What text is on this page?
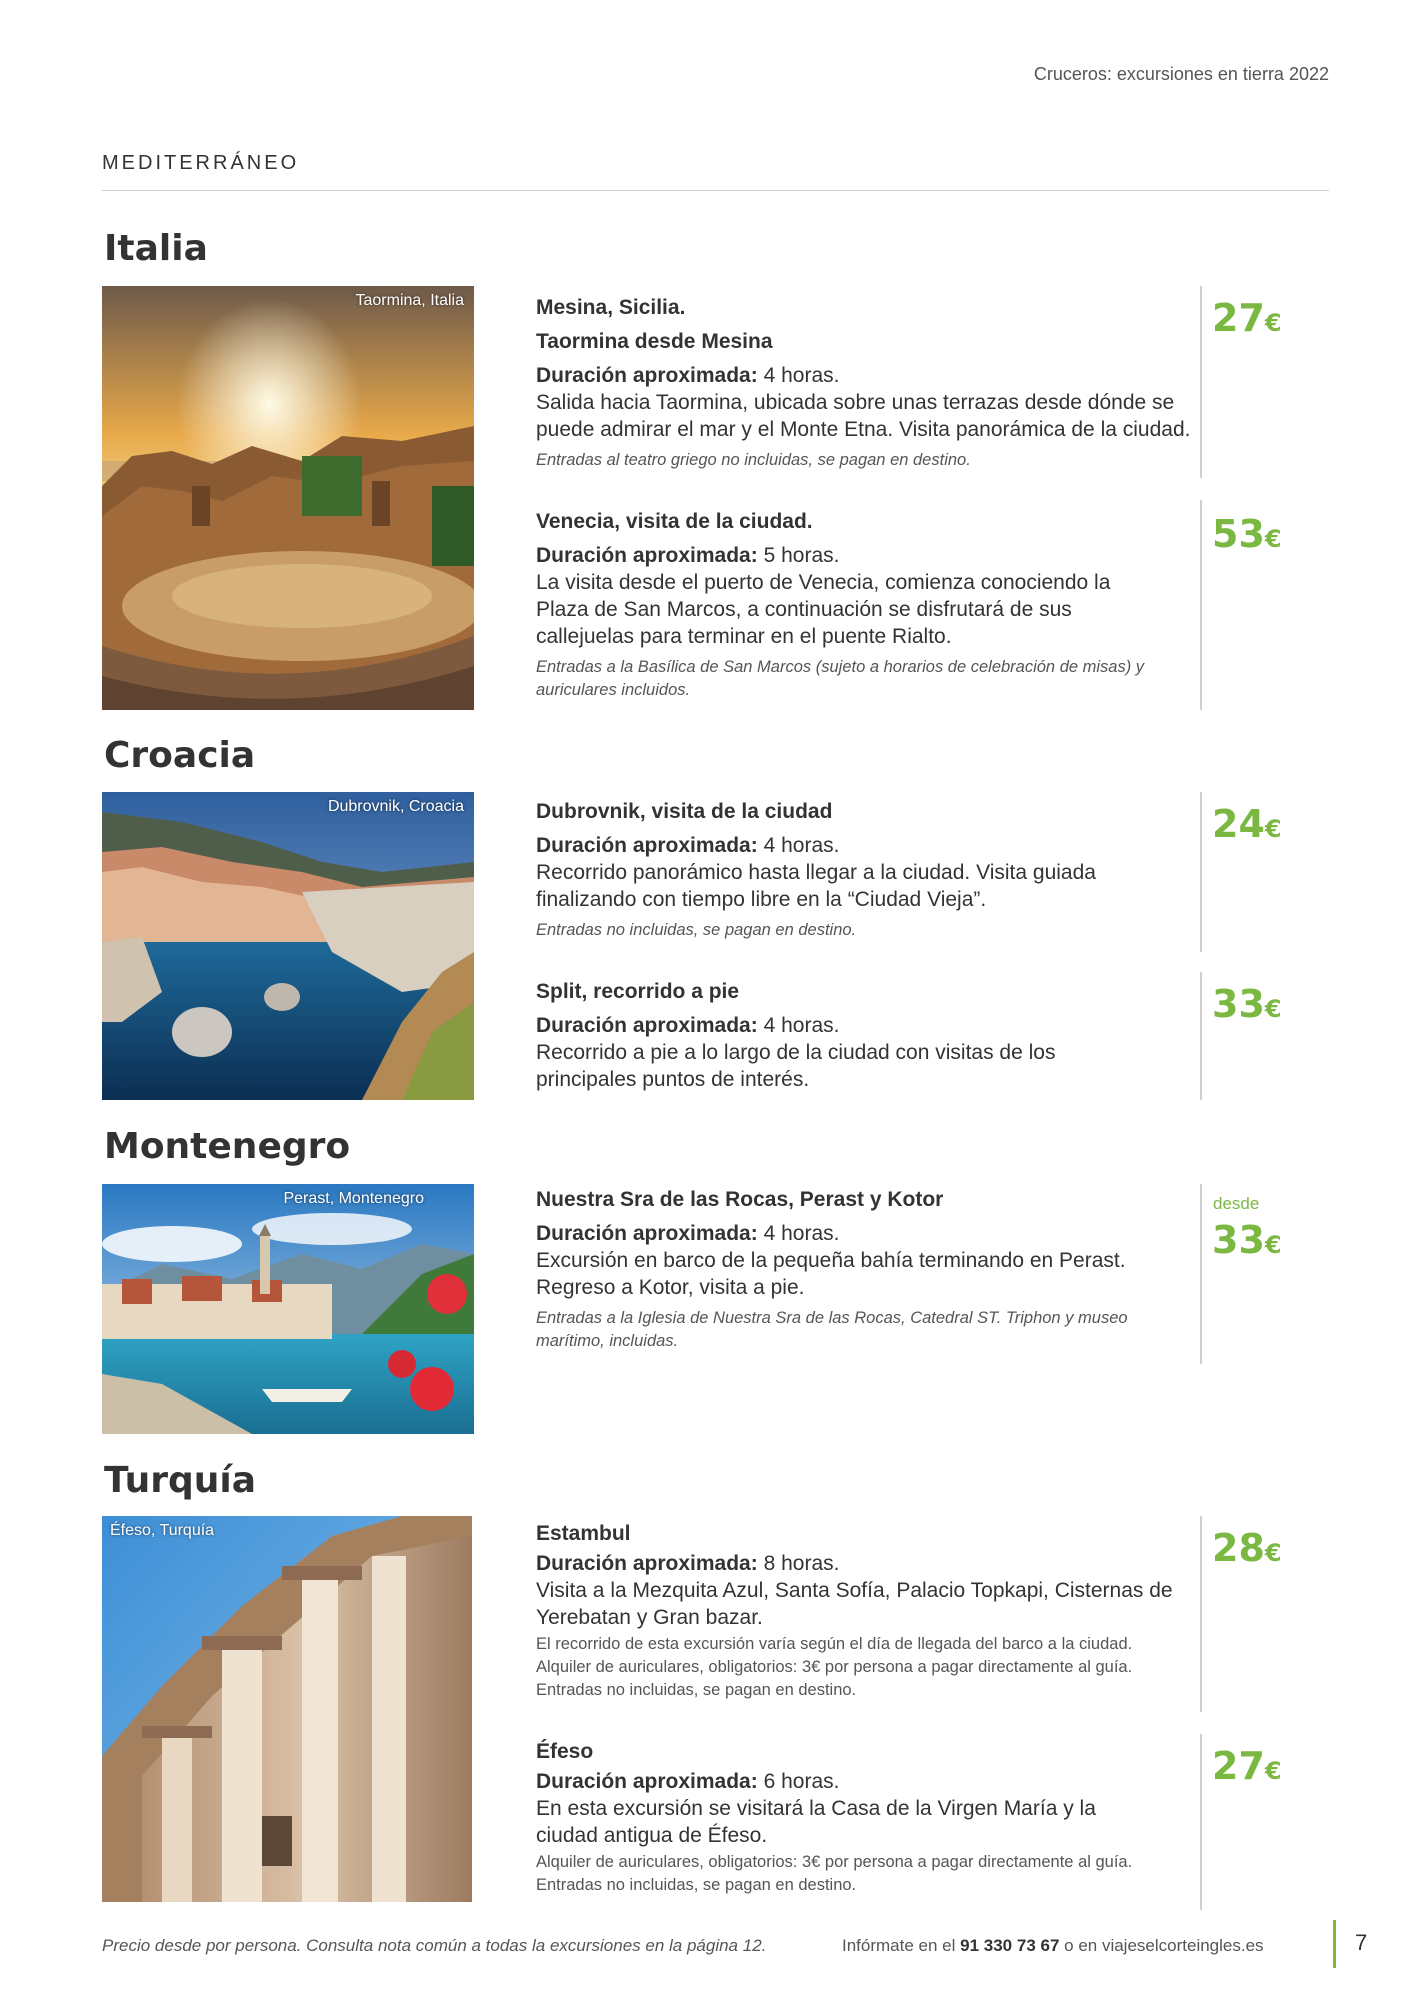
Cruceros: excursiones en tierra 2022
MEDITERRÁNEO
Italia
Taormina, Italia	Mesina, Sicilia.
Taormina desde Mesina
Duración aproximada: 4 horas.
Salida hacia Taormina, ubicada sobre unas terrazas desde dónde se puede admirar el mar y el Monte Etna. Visita panorámica de la ciudad.
Entradas al teatro griego no incluidas, se pagan en destino.
27€
Venecia, visita de la ciudad.
Duración aproximada: 5 horas.
La visita desde el puerto de Venecia, comienza conociendo la Plaza de San Marcos, a continuación se disfrutará de sus callejuelas para terminar en el puente Rialto.
Entradas a la Basílica de San Marcos (sujeto a horarios de celebración de misas) y auriculares incluidos.
53€
Croacia
Dubrovnik, Croacia	Dubrovnik, visita de la ciudad
Duración aproximada: 4 horas.
Recorrido panorámico hasta llegar a la ciudad. Visita guiada finalizando con tiempo libre en la “Ciudad Vieja”.
Entradas no incluidas, se pagan en destino.
24€
Split, recorrido a pie
Duración aproximada: 4 horas.
Recorrido a pie a lo largo de la ciudad con visitas de los principales puntos de interés.
33€
Montenegro
Perast, Montenegro	Nuestra Sra de las Rocas, Perast y Kotor
Duración aproximada: 4 horas.
Excursión en barco de la pequeña bahía terminando en Perast. Regreso a Kotor, visita a pie.
Entradas a la Iglesia de Nuestra Sra de las Rocas, Catedral ST. Triphon y museo marítimo, incluidas.
desde
33€
Turquía
Éfeso, Turquía	Estambul
Duración aproximada: 8 horas.
Visita a la Mezquita Azul, Santa Sofía, Palacio Topkapi, Cisternas de Yerebatan y Gran bazar.
El recorrido de esta excursión varía según el día de llegada del barco a la ciudad. Alquiler de auriculares, obligatorios: 3€ por persona a pagar directamente al guía. Entradas no incluidas, se pagan en destino.
28€
Éfeso
Duración aproximada: 6 horas.
En esta excursión se visitará la Casa de la Virgen María y la ciudad antigua de Éfeso.
Alquiler de auriculares, obligatorios: 3€ por persona a pagar directamente al guía. Entradas no incluidas, se pagan en destino.
27€
Precio desde por persona. Consulta nota común a todas la excursiones en la página 12.	Infórmate en el 91 330 73 67 o en viajeselcorteingles.es	7
